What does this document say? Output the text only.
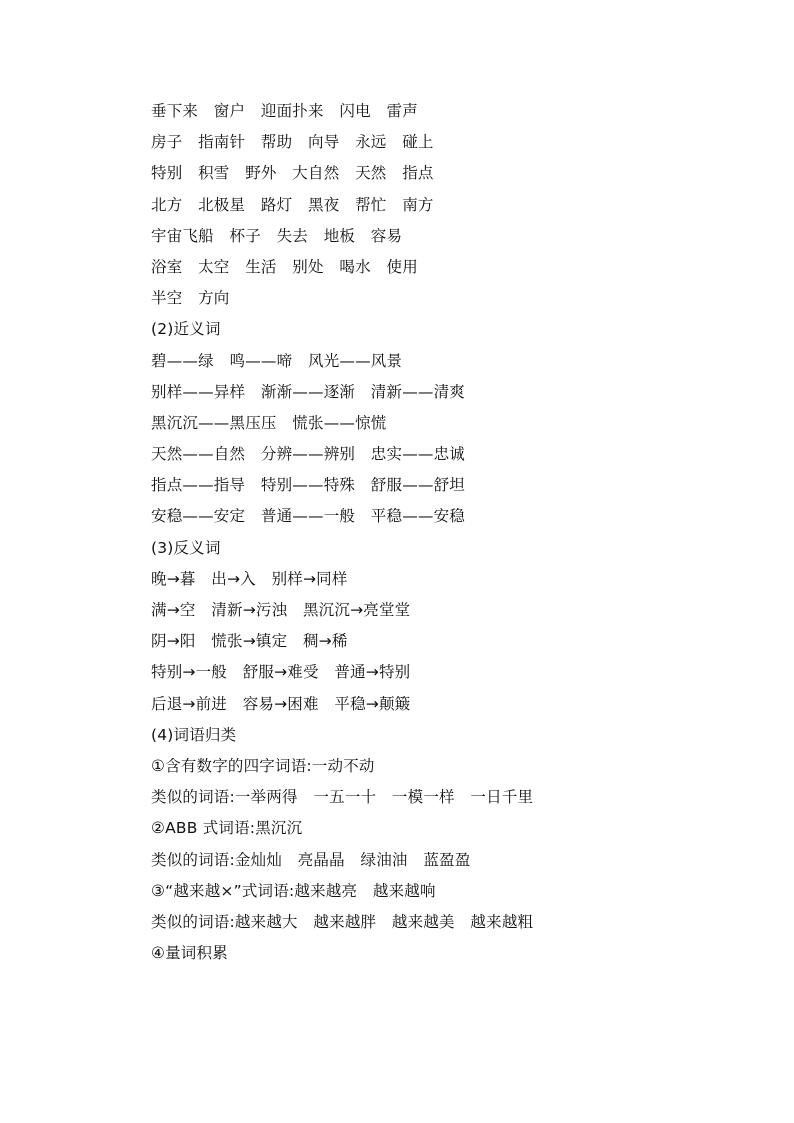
垂下来　窗户　迎面扑来　闪电　雷声
房子　指南针　帮助　向导　永远　碰上
特别　积雪　野外　大自然　天然　指点
北方　北极星　路灯　黑夜　帮忙　南方
宇宙飞船　杯子　失去　地板　容易
浴室　太空　生活　别处　喝水　使用
半空　方向
(2)近义词
碧——绿　鸣——啼　风光——风景
别样——异样　渐渐——逐渐　清新——清爽
黑沉沉——黑压压　慌张——惊慌
天然——自然　分辨——辨别　忠实——忠诚
指点——指导　特别——特殊　舒服——舒坦
安稳——安定　普通——一般　平稳——安稳
(3)反义词
晚→暮　出→入　别样→同样
满→空　清新→污浊　黑沉沉→亮堂堂
阴→阳　慌张→镇定　稠→稀
特别→一般　舒服→难受　普通→特别
后退→前进　容易→困难　平稳→颠簸
(4)词语归类
①含有数字的四字词语:一动不动
类似的词语:一举两得　一五一十　一模一样　一日千里
②ABB 式词语:黑沉沉
类似的词语:金灿灿　亮晶晶　绿油油　蓝盈盈
③“越来越×”式词语:越来越亮　越来越响
类似的词语:越来越大　越来越胖　越来越美　越来越粗
④量词积累
